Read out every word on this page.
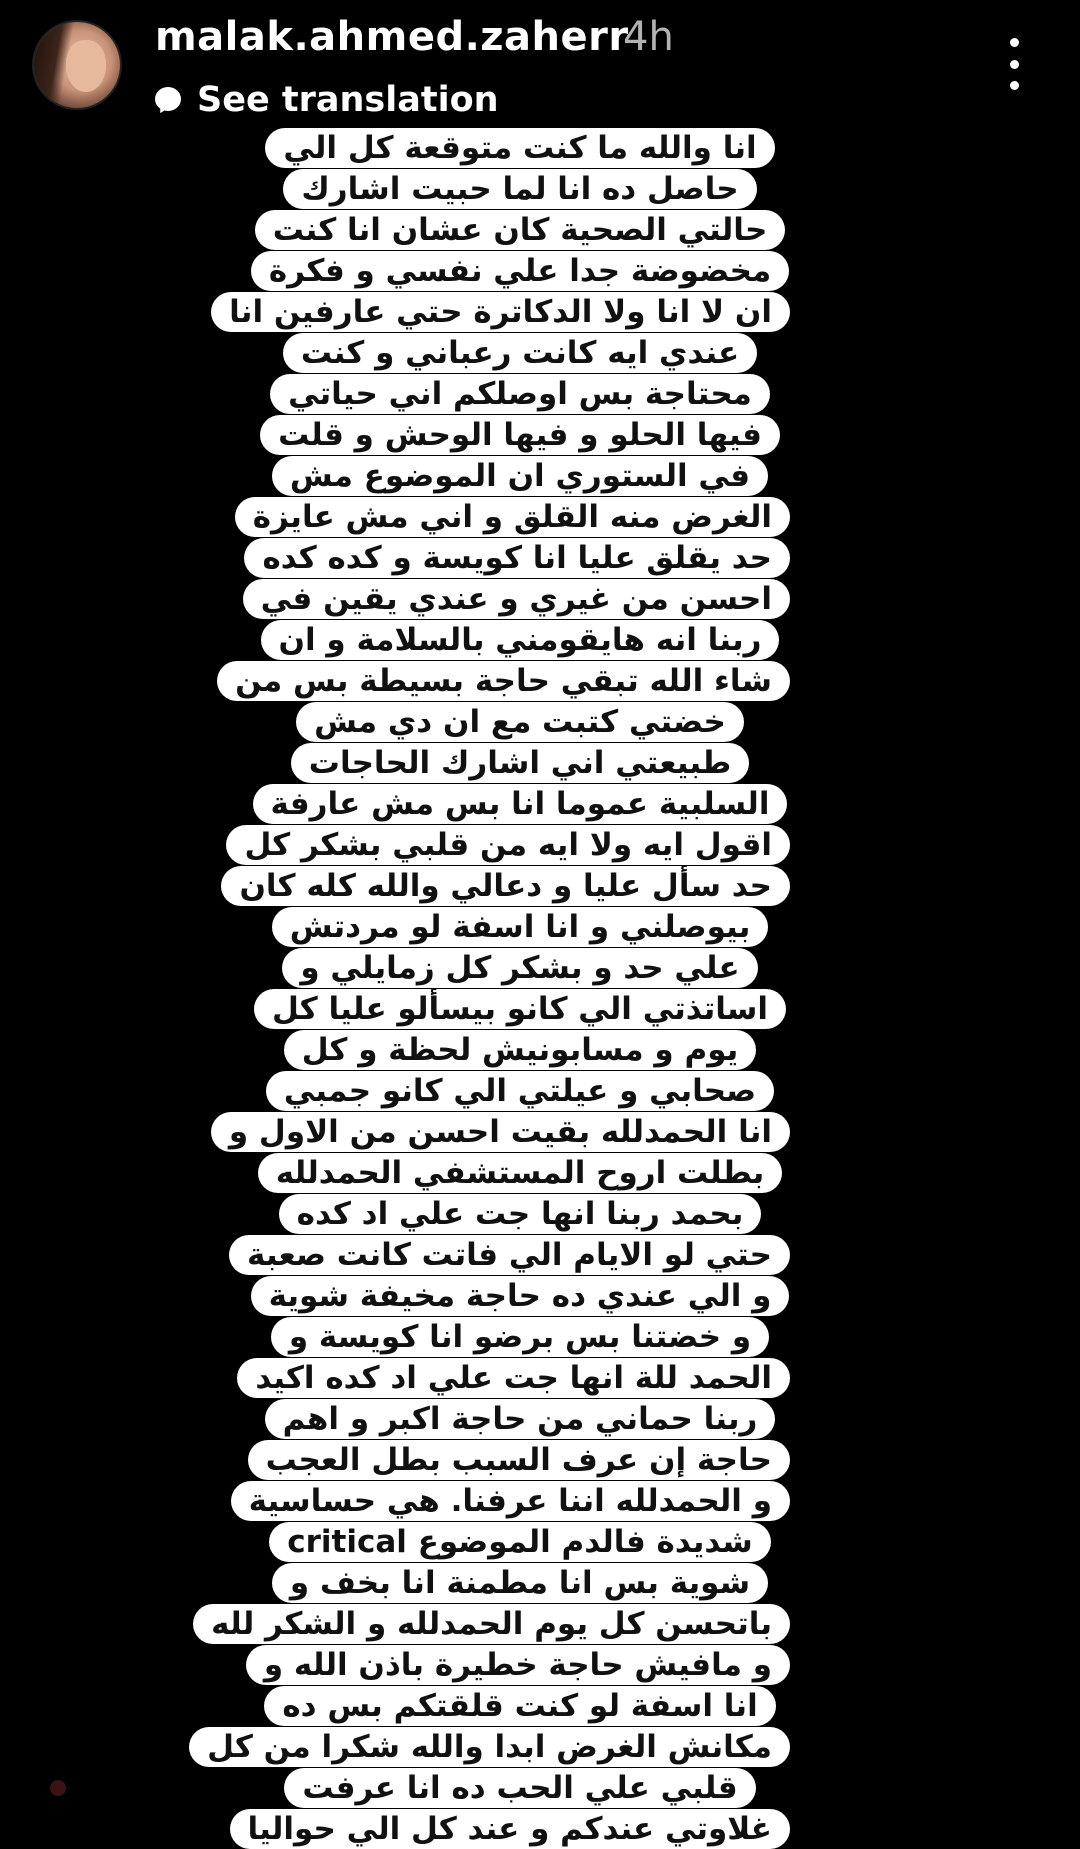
malak.ahmed.zaherr
4h
See translation
انا والله ما كنت متوقعة كل الي
حاصل ده انا لما حبيت اشارك
حالتي الصحية كان عشان انا كنت
مخضوضة جدا علي نفسي و فكرة
ان لا انا ولا الدكاترة حتي عارفين انا
عندي ايه كانت رعباني و كنت
محتاجة بس اوصلكم اني حياتي
فيها الحلو و فيها الوحش و قلت
في الستوري ان الموضوع مش
الغرض منه القلق و اني مش عايزة
حد يقلق عليا انا كويسة و كده كده
احسن من غيري و عندي يقين في
ربنا انه هايقومني بالسلامة و ان
شاء الله تبقي حاجة بسيطة بس من
خضتي كتبت مع ان دي مش
طبيعتي اني اشارك الحاجات
السلبية عموما انا بس مش عارفة
اقول ايه ولا ايه من قلبي بشكر كل
حد سأل عليا و دعالي والله كله كان
بيوصلني و انا اسفة لو مردتش
علي حد و بشكر كل زمايلي و
اساتذتي الي كانو بيسألو عليا كل
يوم و مسابونيش لحظة و كل
صحابي و عيلتي الي كانو جمبي
انا الحمدلله بقيت احسن من الاول و
بطلت اروح المستشفي الحمدلله
بحمد ربنا انها جت علي اد كده
حتي لو الايام الي فاتت كانت صعبة
و الي عندي ده حاجة مخيفة شوية
و خضتنا بس برضو انا كويسة و
الحمد للة انها جت علي اد كده اكيد
ربنا حماني من حاجة اكبر و اهم
حاجة إن عرف السبب بطل العجب
و الحمدلله اننا عرفنا. هي حساسية
شديدة فالدم الموضوع critical
شوية بس انا مطمنة انا بخف و
باتحسن كل يوم الحمدلله و الشكر لله
و مافيش حاجة خطيرة باذن الله و
انا اسفة لو كنت قلقتكم بس ده
مكانش الغرض ابدا والله شكرا من كل
قلبي علي الحب ده انا عرفت
غلاوتي عندكم و عند كل الي حواليا
